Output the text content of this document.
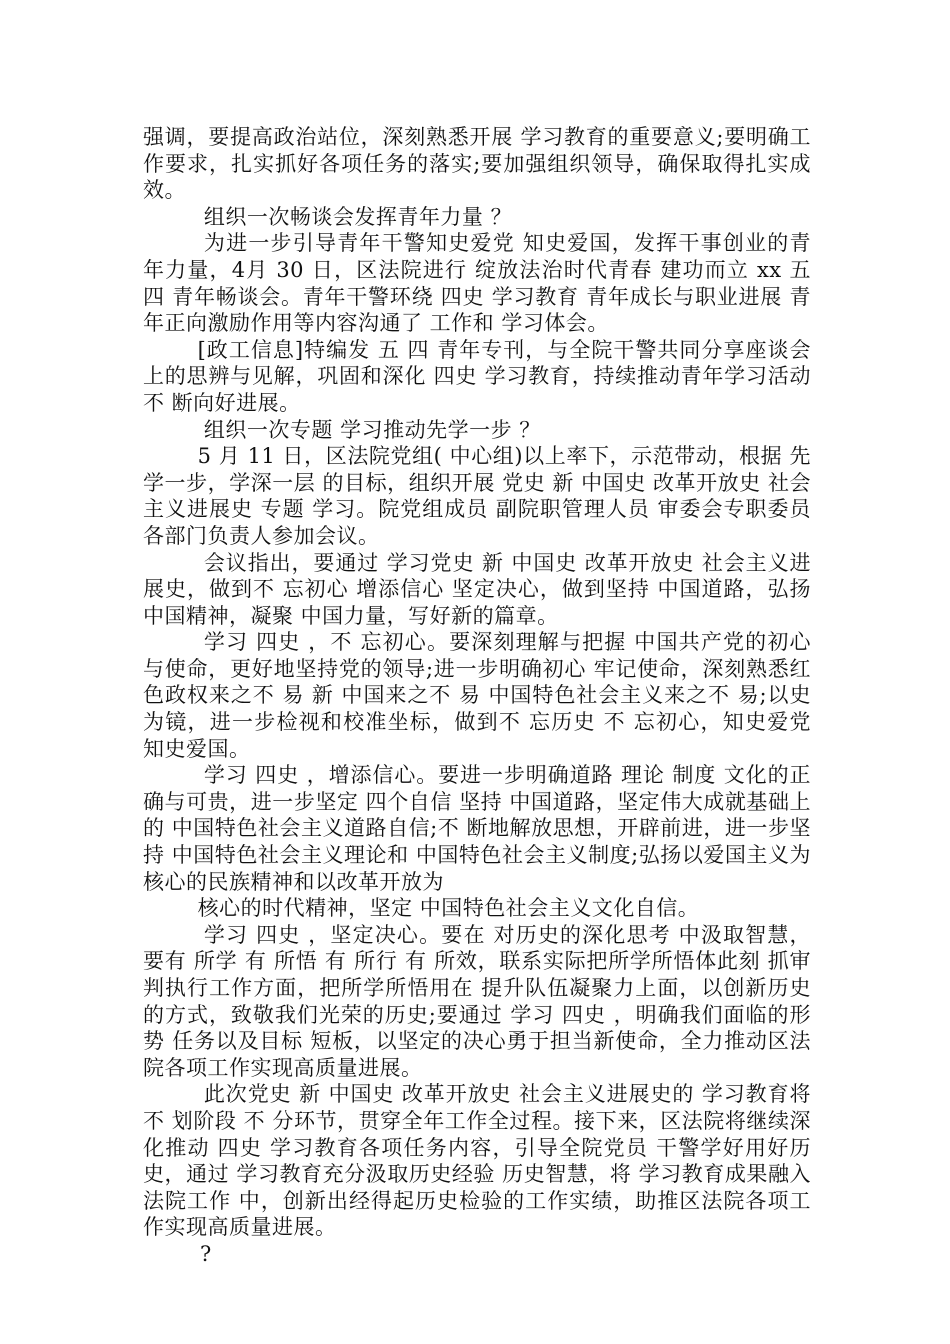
强调，要提高政治站位，深刻熟悉开展 学习教育的重要意义;要明确工作要求，扎实抓好各项任务的落实;要加强组织领导，确保取得扎实成效。

组织一次畅谈会发挥青年力量 ？

为进一步引导青年干警知史爱党 知史爱国，发挥干事创业的青年力量，4月 30 日，区法院进行 绽放法治时代青春 建功而立 xx 五四 青年畅谈会。青年干警环绕 四史 学习教育 青年成长与职业进展 青年正向激励作用等内容沟通了 工作和 学习体会。

[政工信息]特编发 五 四 青年专刊，与全院干警共同分享座谈会上的思辨与见解，巩固和深化 四史 学习教育，持续推动青年学习活动不 断向好进展。

组织一次专题 学习推动先学一步 ？

5 月 11 日，区法院党组( 中心组)以上率下，示范带动，根据 先学一步，学深一层 的目标，组织开展 党史 新 中国史 改革开放史 社会主义进展史 专题 学习。院党组成员 副院职管理人员 审委会专职委员 各部门负责人参加会议。

会议指出，要通过 学习党史 新 中国史 改革开放史 社会主义进展史，做到不 忘初心 增添信心 坚定决心，做到坚持 中国道路，弘扬 中国精神，凝聚 中国力量，写好新的篇章。

学习 四史 ，不 忘初心。要深刻理解与把握 中国共产党的初心与使命，更好地坚持党的领导;进一步明确初心 牢记使命，深刻熟悉红色政权来之不 易 新 中国来之不 易 中国特色社会主义来之不 易;以史为镜，进一步检视和校准坐标，做到不 忘历史 不 忘初心，知史爱党 知史爱国。

学习 四史 ，增添信心。要进一步明确道路 理论 制度 文化的正确与可贵，进一步坚定 四个自信 坚持 中国道路，坚定伟大成就基础上的 中国特色社会主义道路自信;不 断地解放思想，开辟前进，进一步坚持 中国特色社会主义理论和 中国特色社会主义制度;弘扬以爱国主义为核心的民族精神和以改革开放为

核心的时代精神，坚定 中国特色社会主义文化自信。

学习 四史 ，坚定决心。要在 对历史的深化思考 中汲取智慧，要有 所学 有 所悟 有 所行 有 所效，联系实际把所学所悟体此刻 抓审判执行工作方面，把所学所悟用在 提升队伍凝聚力上面，以创新历史的方式，致敬我们光荣的历史;要通过 学习 四史 ，明确我们面临的形势 任务以及目标 短板，以坚定的决心勇于担当新使命，全力推动区法院各项工作实现高质量进展。

此次党史 新 中国史 改革开放史 社会主义进展史的 学习教育将不 划阶段 不 分环节，贯穿全年工作全过程。接下来，区法院将继续深化推动 四史 学习教育各项任务内容，引导全院党员 干警学好用好历史，通过 学习教育充分汲取历史经验 历史智慧，将 学习教育成果融入法院工作 中，创新出经得起历史检验的工作实绩，助推区法院各项工作实现高质量进展。

?
